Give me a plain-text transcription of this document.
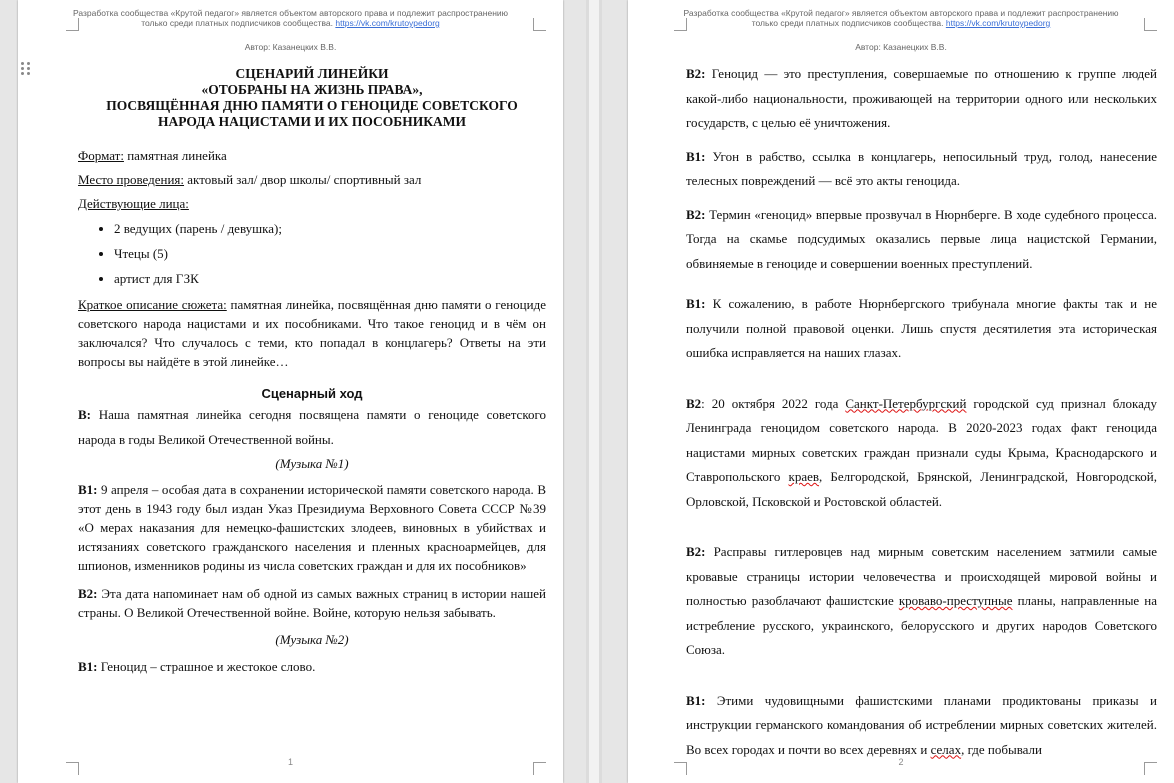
Разработка сообщества «Крутой педагог» является объектом авторского права и подлежит распространению
только среди платных подписчиков сообщества. https://vk.com/krutoypedorg
Автор: Казанецких В.В.
СЦЕНАРИЙ ЛИНЕЙКИ
«ОТОБРАНЫ НА ЖИЗНЬ ПРАВА»,
ПОСВЯЩЁННАЯ ДНЮ ПАМЯТИ О ГЕНОЦИДЕ СОВЕТСКОГО
НАРОДА НАЦИСТАМИ И ИХ ПОСОБНИКАМИ

Формат: памятная линейка

Место проведения: актовый зал/ двор школы/ спортивный зал

Действующие лица:

• 2 ведущих (парень / девушка);
• Чтецы (5)
• артист для ГЗК

Краткое описание сюжета: памятная линейка, посвящённая дню памяти о геноциде советского народа нацистами и их пособниками. Что такое геноцид и в чём он заключался? Что случалось с теми, кто попадал в концлагерь? Ответы на эти вопросы вы найдёте в этой линейке…

Сценарный ход

В: Наша памятная линейка сегодня посвящена памяти о геноциде советского народа в годы Великой Отечественной войны.

(Музыка №1)

В1: 9 апреля – особая дата в сохранении исторической памяти советского народа. В этот день в 1943 году был издан Указ Президиума Верховного Совета СССР №39 «О мерах наказания для немецко-фашистских злодеев, виновных в убийствах и истязаниях советского гражданского населения и пленных красноармейцев, для шпионов, изменников родины из числа советских граждан и для их пособников»

В2: Эта дата напоминает нам об одной из самых важных страниц в истории нашей страны. О Великой Отечественной войне. Войне, которую нельзя забывать.

(Музыка №2)

В1: Геноцид – страшное и жестокое слово.

1
Разработка сообщества «Крутой педагог» является объектом авторского права и подлежит распространению
только среди платных подписчиков сообщества. https://vk.com/krutoypedorg
Автор: Казанецких В.В.

В2: Геноцид — это преступления, совершаемые по отношению к группе людей какой-либо национальности, проживающей на территории одного или нескольких государств, с целью её уничтожения.

В1: Угон в рабство, ссылка в концлагерь, непосильный труд, голод, нанесение телесных повреждений — всё это акты геноцида.

В2: Термин «геноцид» впервые прозвучал в Нюрнберге. В ходе судебного процесса. Тогда на скамье подсудимых оказались первые лица нацистской Германии, обвиняемые в геноциде и совершении военных преступлений.

В1: К сожалению, в работе Нюрнбергского трибунала многие факты так и не получили полной правовой оценки. Лишь спустя десятилетия эта историческая ошибка исправляется на наших глазах.

В2: 20 октября 2022 года Санкт-Петербургский городской суд признал блокаду Ленинграда геноцидом советского народа. В 2020-2023 годах факт геноцида нацистами мирных советских граждан признали суды Крыма, Краснодарского и Ставропольского краев, Белгородской, Брянской, Ленинградской, Новгородской, Орловской, Псковской и Ростовской областей.

В2: Расправы гитлеровцев над мирным советским населением затмили самые кровавые страницы истории человечества и происходящей мировой войны и полностью разоблачают фашистские кроваво-преступные планы, направленные на истребление русского, украинского, белорусского и других народов Советского Союза.

В1: Этими чудовищными фашистскими планами продиктованы приказы и инструкции германского командования об истреблении мирных советских жителей. Во всех городах и почти во всех деревнях и селах, где побывали

2
